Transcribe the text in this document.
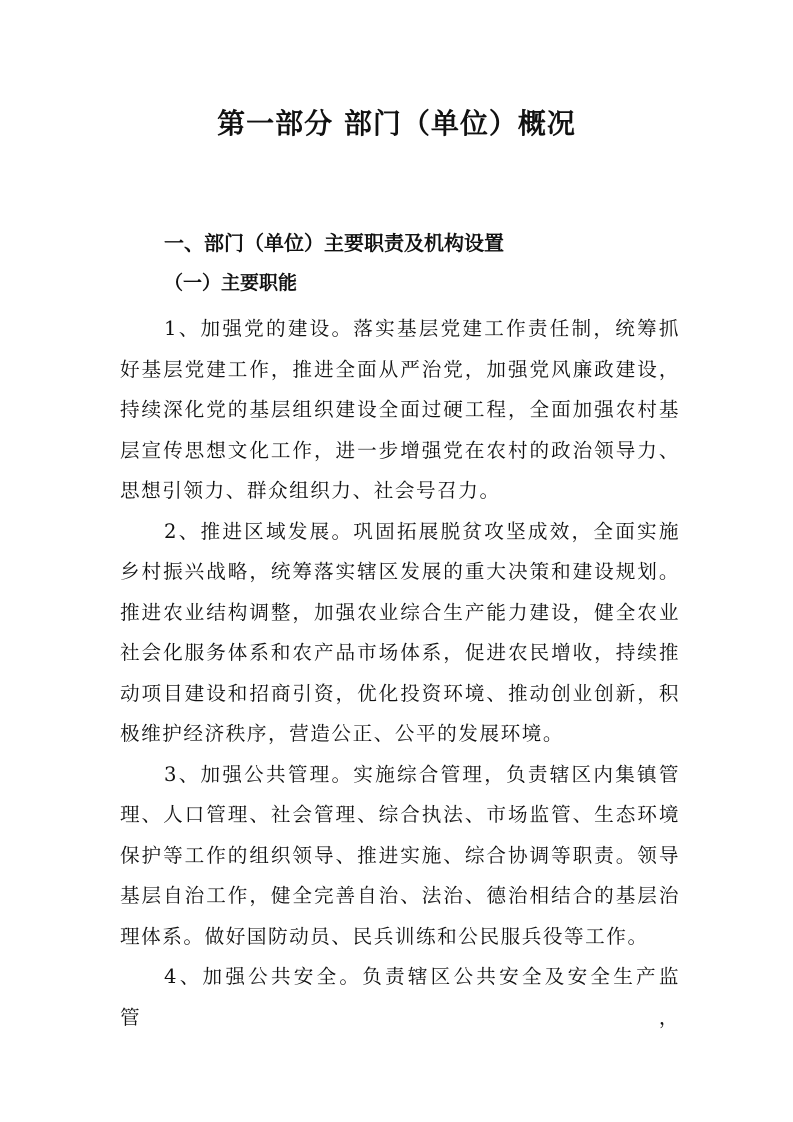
第一部分 部门（单位）概况
一、部门（单位）主要职责及机构设置
（一）主要职能

1、加强党的建设。落实基层党建工作责任制，统筹抓好基层党建工作，推进全面从严治党，加强党风廉政建设，持续深化党的基层组织建设全面过硬工程，全面加强农村基层宣传思想文化工作，进一步增强党在农村的政治领导力、

思想引领力、群众组织力、社会号召力。

2、推进区域发展。巩固拓展脱贫攻坚成效，全面实施乡村振兴战略，统筹落实辖区发展的重大决策和建设规划。推进农业结构调整，加强农业综合生产能力建设，健全农业社会化服务体系和农产品市场体系，促进农民增收，持续推动项目建设和招商引资，优化投资环境、推动创业创新，积

极维护经济秩序，营造公正、公平的发展环境。

3、加强公共管理。实施综合管理，负责辖区内集镇管理、人口管理、社会管理、综合执法、市场监管、生态环境保护等工作的组织领导、推进实施、综合协调等职责。领导基层自治工作，健全完善自治、法治、德治相结合的基层治

理体系。做好国防动员、民兵训练和公民服兵役等工作。

4、加强公共安全。负责辖区公共安全及安全生产监管，
